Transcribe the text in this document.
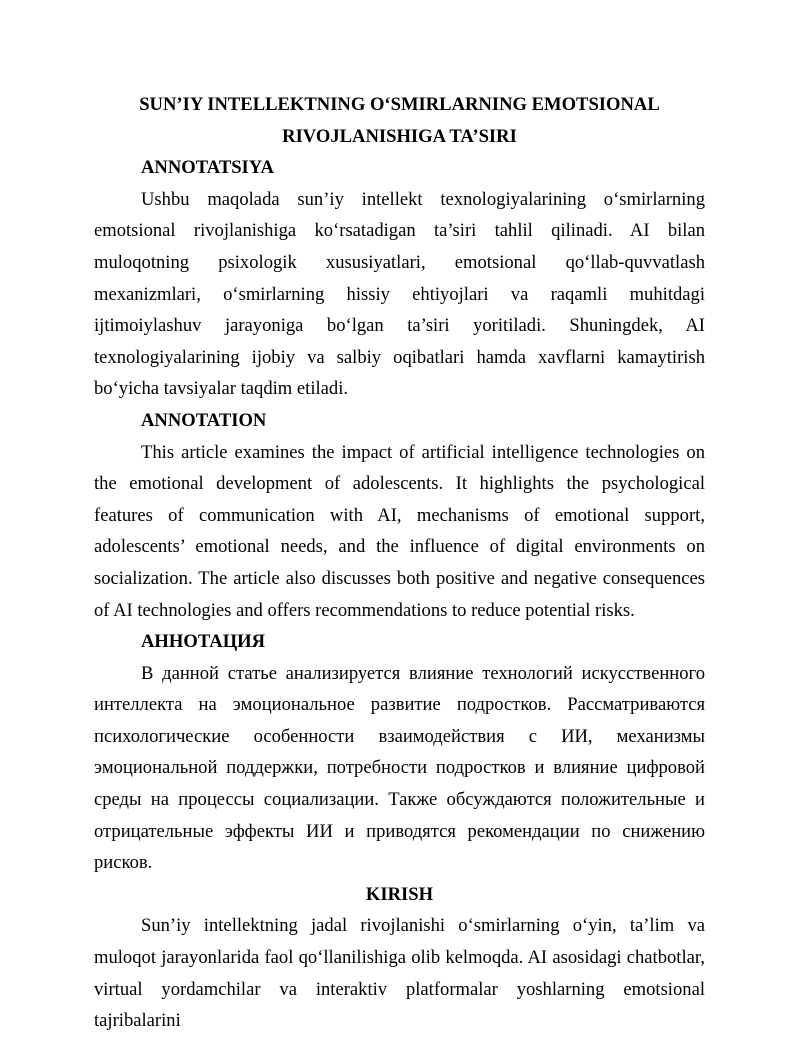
SUN’IY INTELLEKTNING O‘SMIRLARNING EMOTSIONAL RIVOJLANISHIGA TA’SIRI

ANNOTATSIYA

Ushbu maqolada sun’iy intellekt texnologiyalarining o‘smirlarning emotsional rivojlanishiga ko‘rsatadigan ta’siri tahlil qilinadi. AI bilan muloqotning psixologik xususiyatlari, emotsional qo‘llab-quvvatlash mexanizmlari, o‘smirlarning hissiy ehtiyojlari va raqamli muhitdagi ijtimoiylashuv jarayoniga bo‘lgan ta’siri yoritiladi. Shuningdek, AI texnologiyalarining ijobiy va salbiy oqibatlari hamda xavflarni kamaytirish bo‘yicha tavsiyalar taqdim etiladi.

ANNOTATION

This article examines the impact of artificial intelligence technologies on the emotional development of adolescents. It highlights the psychological features of communication with AI, mechanisms of emotional support, adolescents’ emotional needs, and the influence of digital environments on socialization. The article also discusses both positive and negative consequences of AI technologies and offers recommendations to reduce potential risks.

АННОТАЦИЯ

В данной статье анализируется влияние технологий искусственного интеллекта на эмоциональное развитие подростков. Рассматриваются психологические особенности взаимодействия с ИИ, механизмы эмоциональной поддержки, потребности подростков и влияние цифровой среды на процессы социализации. Также обсуждаются положительные и отрицательные эффекты ИИ и приводятся рекомендации по снижению рисков.

KIRISH

Sun’iy intellektning jadal rivojlanishi o‘smirlarning o‘yin, ta’lim va muloqot jarayonlarida faol qo‘llanilishiga olib kelmoqda. AI asosidagi chatbotlar, virtual yordamchilar va interaktiv platformalar yoshlarning emotsional tajribalarini
